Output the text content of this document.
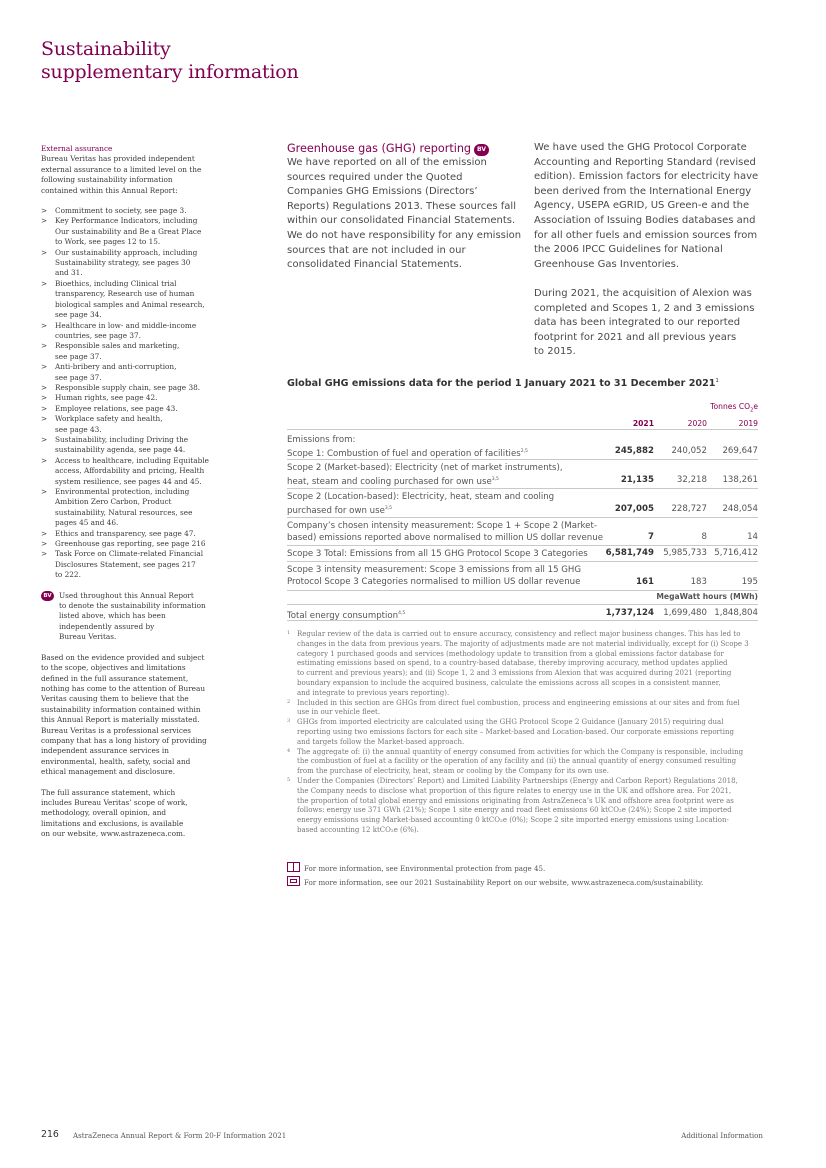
Sustainability
supplementary information

External assurance

Bureau Veritas has provided independent

external assurance to a limited level on the

following sustainability information

contained within this Annual Report:

> Commitment to society, see page 3.
> Key Performance Indicators, including
Our sustainability and Be a Great Place
to Work, see pages 12 to 15.
> Our sustainability approach, including
Sustainability strategy, see pages 30
and 31.
> Bioethics, including Clinical trial
transparency, Research use of human
biological samples and Animal research,
see page 34.
> Healthcare in low- and middle-income
countries, see page 37.
> Responsible sales and marketing,
see page 37.
> Anti-bribery and anti-corruption,
see page 37.
> Responsible supply chain, see page 38.
> Human rights, see page 42.
> Employee relations, see page 43.
> Workplace safety and health,
see page 43.
> Sustainability, including Driving the
sustainability agenda, see page 44.
> Access to healthcare, including Equitable
access, Affordability and pricing, Health
system resilience, see pages 44 and 45.
> Environmental protection, including
Ambition Zero Carbon, Product
sustainability, Natural resources, see
pages 45 and 46.
> Ethics and transparency, see page 47.
> Greenhouse gas reporting, see page 216
> Task Force on Climate-related Financial
Disclosures Statement, see pages 217
to 222.
BV	Used throughout this Annual Report
to denote the sustainability information
listed above, which has been
independently assured by
Bureau Veritas.
Based on the evidence provided and subject
to the scope, objectives and limitations
defined in the full assurance statement,
nothing has come to the attention of Bureau
Veritas causing them to believe that the
sustainability information contained within
this Annual Report is materially misstated.
Bureau Veritas is a professional services
company that has a long history of providing
independent assurance services in
environmental, health, safety, social and
ethical management and disclosure.
The full assurance statement, which
includes Bureau Veritas’ scope of work,
methodology, overall opinion, and
limitations and exclusions, is available
on our website, www.astrazeneca.com.
Greenhouse gas (GHG) reporting BV
We have reported on all of the emission
sources required under the Quoted
Companies GHG Emissions (Directors’
Reports) Regulations 2013. These sources fall
within our consolidated Financial Statements.
We do not have responsibility for any emission
sources that are not included in our
consolidated Financial Statements.

We have used the GHG Protocol Corporate
Accounting and Reporting Standard (revised
edition). Emission factors for electricity have
been derived from the International Energy
Agency, USEPA eGRID, US Green-e and the
Association of Issuing Bodies databases and
for all other fuels and emission sources from
the 2006 IPCC Guidelines for National
Greenhouse Gas Inventories.

During 2021, the acquisition of Alexion was
completed and Scopes 1, 2 and 3 emissions
data has been integrated to our reported
footprint for 2021 and all previous years
to 2015.

Global GHG emissions data for the period 1 January 2021 to 31 December 2021$^1$
Tonnes $CO_2e$
2021	2020	2019
Emissions from:
Scope 1: Combustion of fuel and operation of facilities$^{2,5}$	245,882 240,052 269,647
Scope 2 (Market-based): Electricity (net of market instruments),
heat, steam and cooling purchased for own use$^{3,5}$	21,135	32,218 138,261
Scope 2 (Location-based): Electricity, heat, steam and cooling
purchased for own use$^{3,5}$	207,005 228,727 248,054
Company’s chosen intensity measurement: Scope 1 + Scope 2 (Market-
based) emissions reported above normalised to million US dollar revenue	7	8	14
Scope 3 Total: Emissions from all 15 GHG Protocol Scope 3 Categories	6,581,749 5,985,733 5,716,412
Scope 3 intensity measurement: Scope 3 emissions from all 15 GHG
Protocol Scope 3 Categories normalised to million US dollar revenue	161	183	195
MegaWatt hours (MWh)
Total energy consumption$^{4,5}$	1,737,124 1,699,480 1,848,804

1 Regular review of the data is carried out to ensure accuracy, consistency and reflect major business changes. This has led to
changes in the data from previous years. The majority of adjustments made are not material individually, except for (i) Scope 3
category 1 purchased goods and services (methodology update to transition from a global emissions factor database for
estimating emissions based on spend, to a country-based database, thereby improving accuracy, method updates applied
to current and previous years); and (ii) Scope 1, 2 and 3 emissions from Alexion that was acquired during 2021 (reporting
boundary expansion to include the acquired business, calculate the emissions across all scopes in a consistent manner,
and integrate to previous years reporting).

2 Included in this section are GHGs from direct fuel combustion, process and engineering emissions at our sites and from fuel
use in our vehicle fleet.

3 GHGs from imported electricity are calculated using the GHG Protocol Scope 2 Guidance (January 2015) requiring dual
reporting using two emissions factors for each site – Market-based and Location-based. Our corporate emissions reporting
and targets follow the Market-based approach.

4 The aggregate of: (i) the annual quantity of energy consumed from activities for which the Company is responsible, including
the combustion of fuel at a facility or the operation of any facility and (ii) the annual quantity of energy consumed resulting
from the purchase of electricity, heat, steam or cooling by the Company for its own use.

5 Under the Companies (Directors’ Report) and Limited Liability Partnerships (Energy and Carbon Report) Regulations 2018,
the Company needs to disclose what proportion of this figure relates to energy use in the UK and offshore area. For 2021,
the proportion of total global energy and emissions originating from AstraZeneca’s UK and offshore area footprint were as
follows: energy use 371 GWh (21%); Scope 1 site energy and road fleet emissions 60 ktCO₂e (24%); Scope 2 site imported
energy emissions using Market-based accounting 0 ktCO₂e (0%); Scope 2 site imported energy emissions using Location-
based accounting 12 ktCO₂e (6%).

For more information, see Environmental protection from page 45.
For more information, see our 2021 Sustainability Report on our website, www.astrazeneca.com/sustainability.
216 AstraZeneca Annual Report & Form 20-F Information 2021	Additional Information
